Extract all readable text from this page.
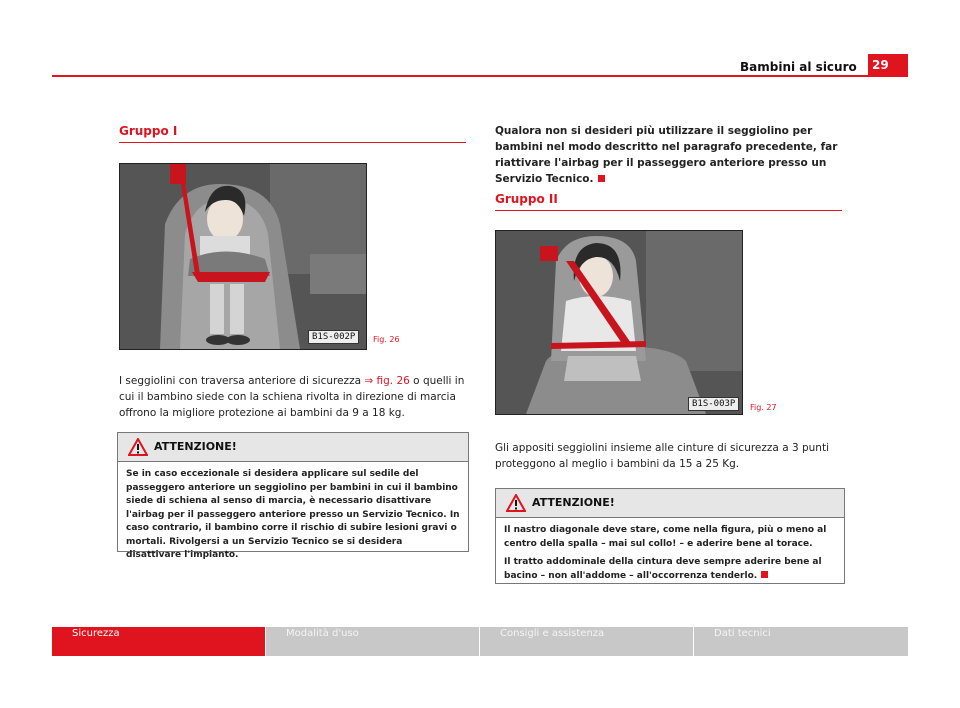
Bambini al sicuro	29
Gruppo I
B1S-002P	Fig. 26
I seggiolini con traversa anteriore di sicurezza ⇒ fig. 26 o quelli in cui il bambino siede con la schiena rivolta in direzione di marcia offrono la migliore protezione ai bambini da 9 a 18 kg.
ATTENZIONE!

Se in caso eccezionale si desidera applicare sul sedile del passeggero anteriore un seggiolino per bambini in cui il bambino siede di schiena al senso di marcia, è necessario disattivare l'airbag per il passeggero anteriore presso un Servizio Tecnico. In caso contrario, il bambino corre il rischio di subire lesioni gravi o mortali. Rivolgersi a un Servizio Tecnico se si desidera disattivare l'impianto.

Qualora non si desideri più utilizzare il seggiolino per bambini nel modo descritto nel paragrafo precedente, far riattivare l'airbag per il passeggero anteriore presso un Servizio Tecnico.
Gruppo II
B1S-003P	Fig. 27
Gli appositi seggiolini insieme alle cinture di sicurezza a 3 punti proteggono al meglio i bambini da 15 a 25 Kg.
ATTENZIONE!

Il nastro diagonale deve stare, come nella figura, più o meno al centro della spalla – mai sul collo! – e aderire bene al torace.

Il tratto addominale della cintura deve sempre aderire bene al bacino – non all'addome – all'occorrenza tenderlo.

Sicurezza	Modalità d'uso	Consigli e assistenza	Dati tecnici
